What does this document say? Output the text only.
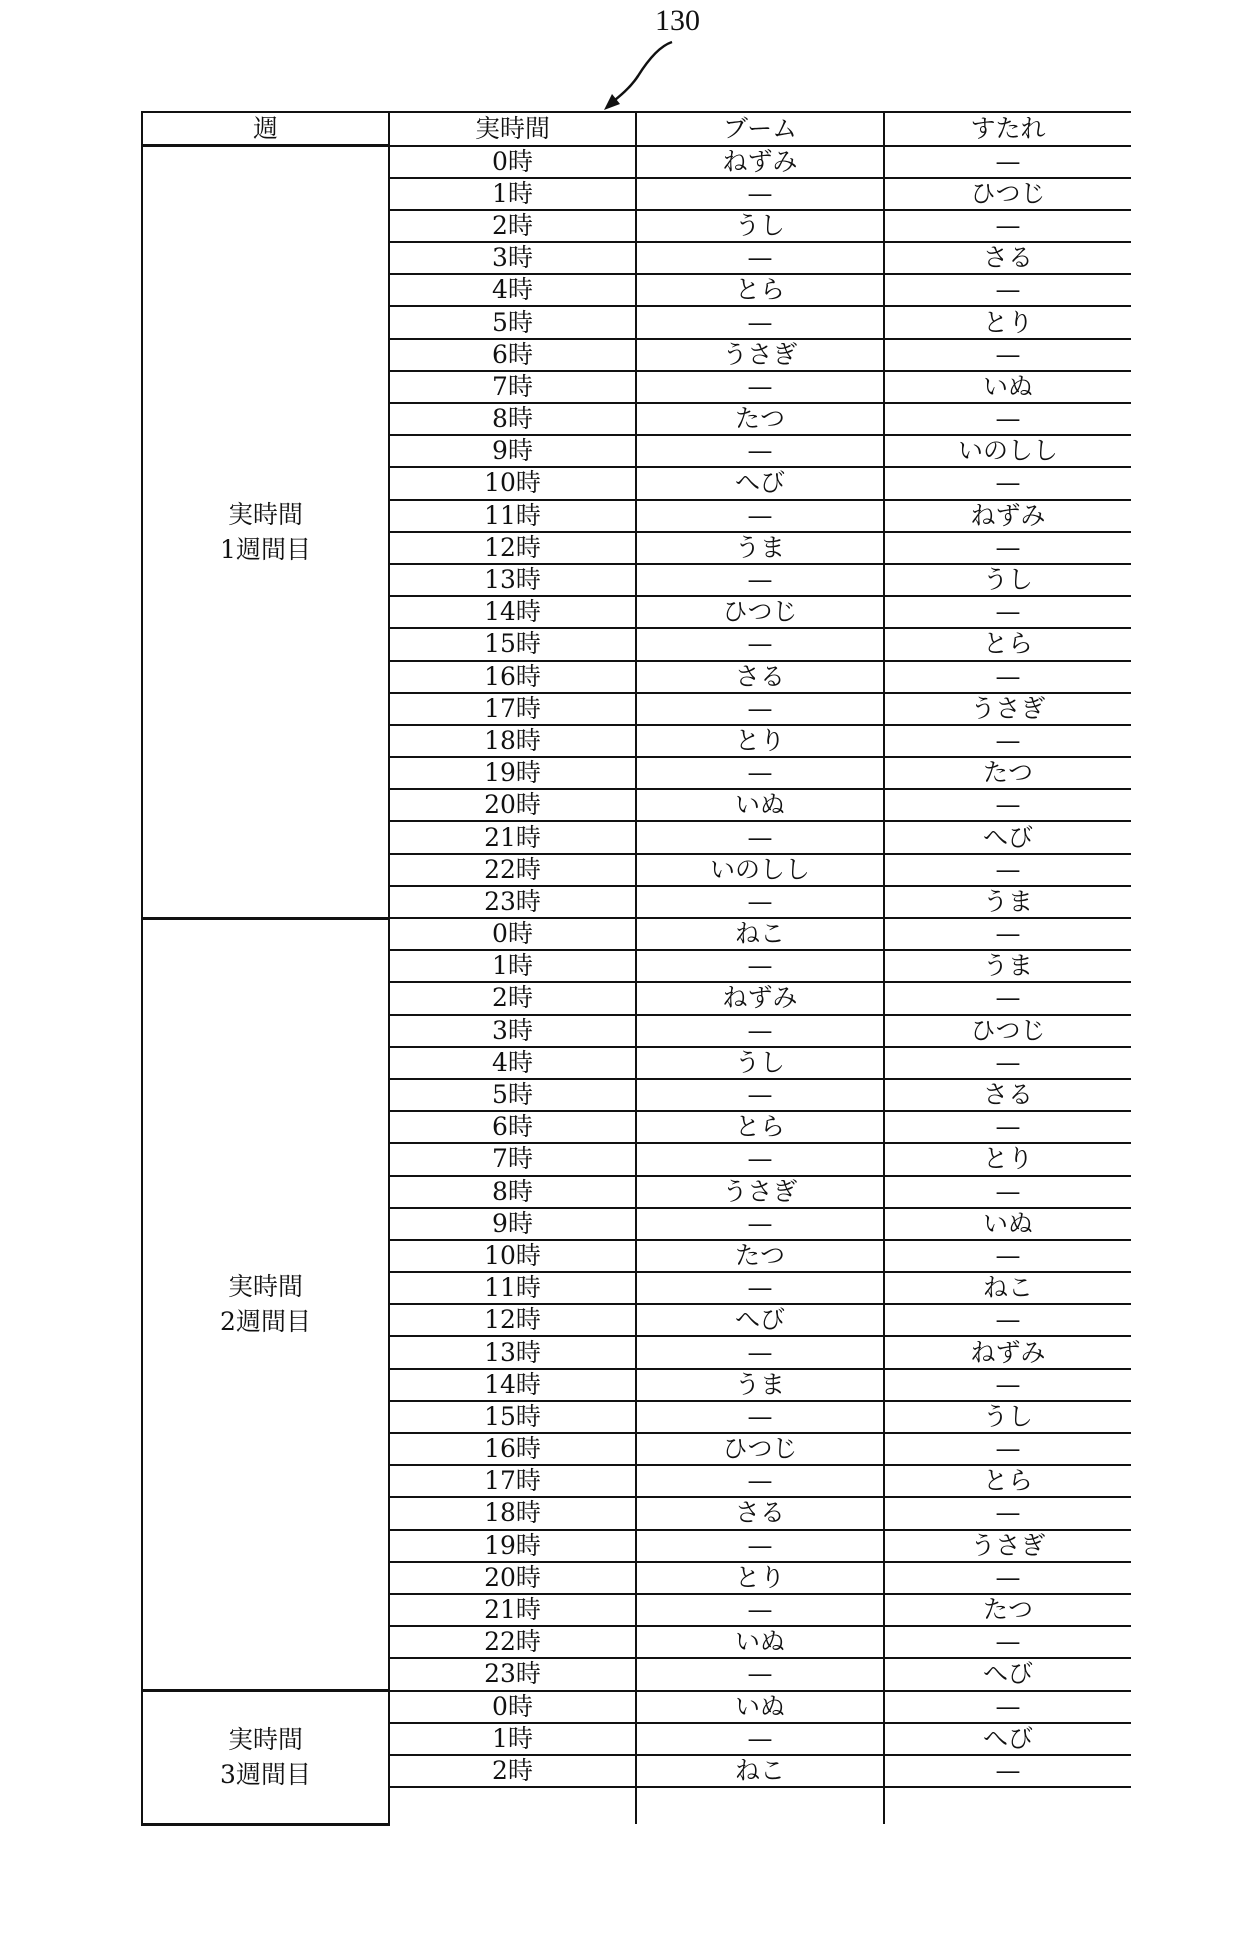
130
週	実時間	ブーム	すたれ

実時間
1週間目	0時	ねずみ	—
	1時	—	ひつじ
	2時	うし	—
	3時	—	さる
	4時	とら	—
	5時	—	とり
	6時	うさぎ	—
	7時	—	いぬ
	8時	たつ	—
	9時	—	いのしし
	10時	へび	—
	11時	—	ねずみ
	12時	うま	—
	13時	—	うし
	14時	ひつじ	—
	15時	—	とら
	16時	さる	—
	17時	—	うさぎ
	18時	とり	—
	19時	—	たつ
	20時	いぬ	—
	21時	—	へび
	22時	いのしし	—
	23時	—	うま

実時間
2週間目	0時	ねこ	—
	1時	—	うま
	2時	ねずみ	—
	3時	—	ひつじ
	4時	うし	—
	5時	—	さる
	6時	とら	—
	7時	—	とり
	8時	うさぎ	—
	9時	—	いぬ
	10時	たつ	—
	11時	—	ねこ
	12時	へび	—
	13時	—	ねずみ
	14時	うま	—
	15時	—	うし
	16時	ひつじ	—
	17時	—	とら
	18時	さる	—
	19時	—	うさぎ
	20時	とり	—
	21時	—	たつ
	22時	いぬ	—
	23時	—	へび

実時間
3週間目	0時	いぬ	—
	1時	—	へび
	2時	ねこ	—
